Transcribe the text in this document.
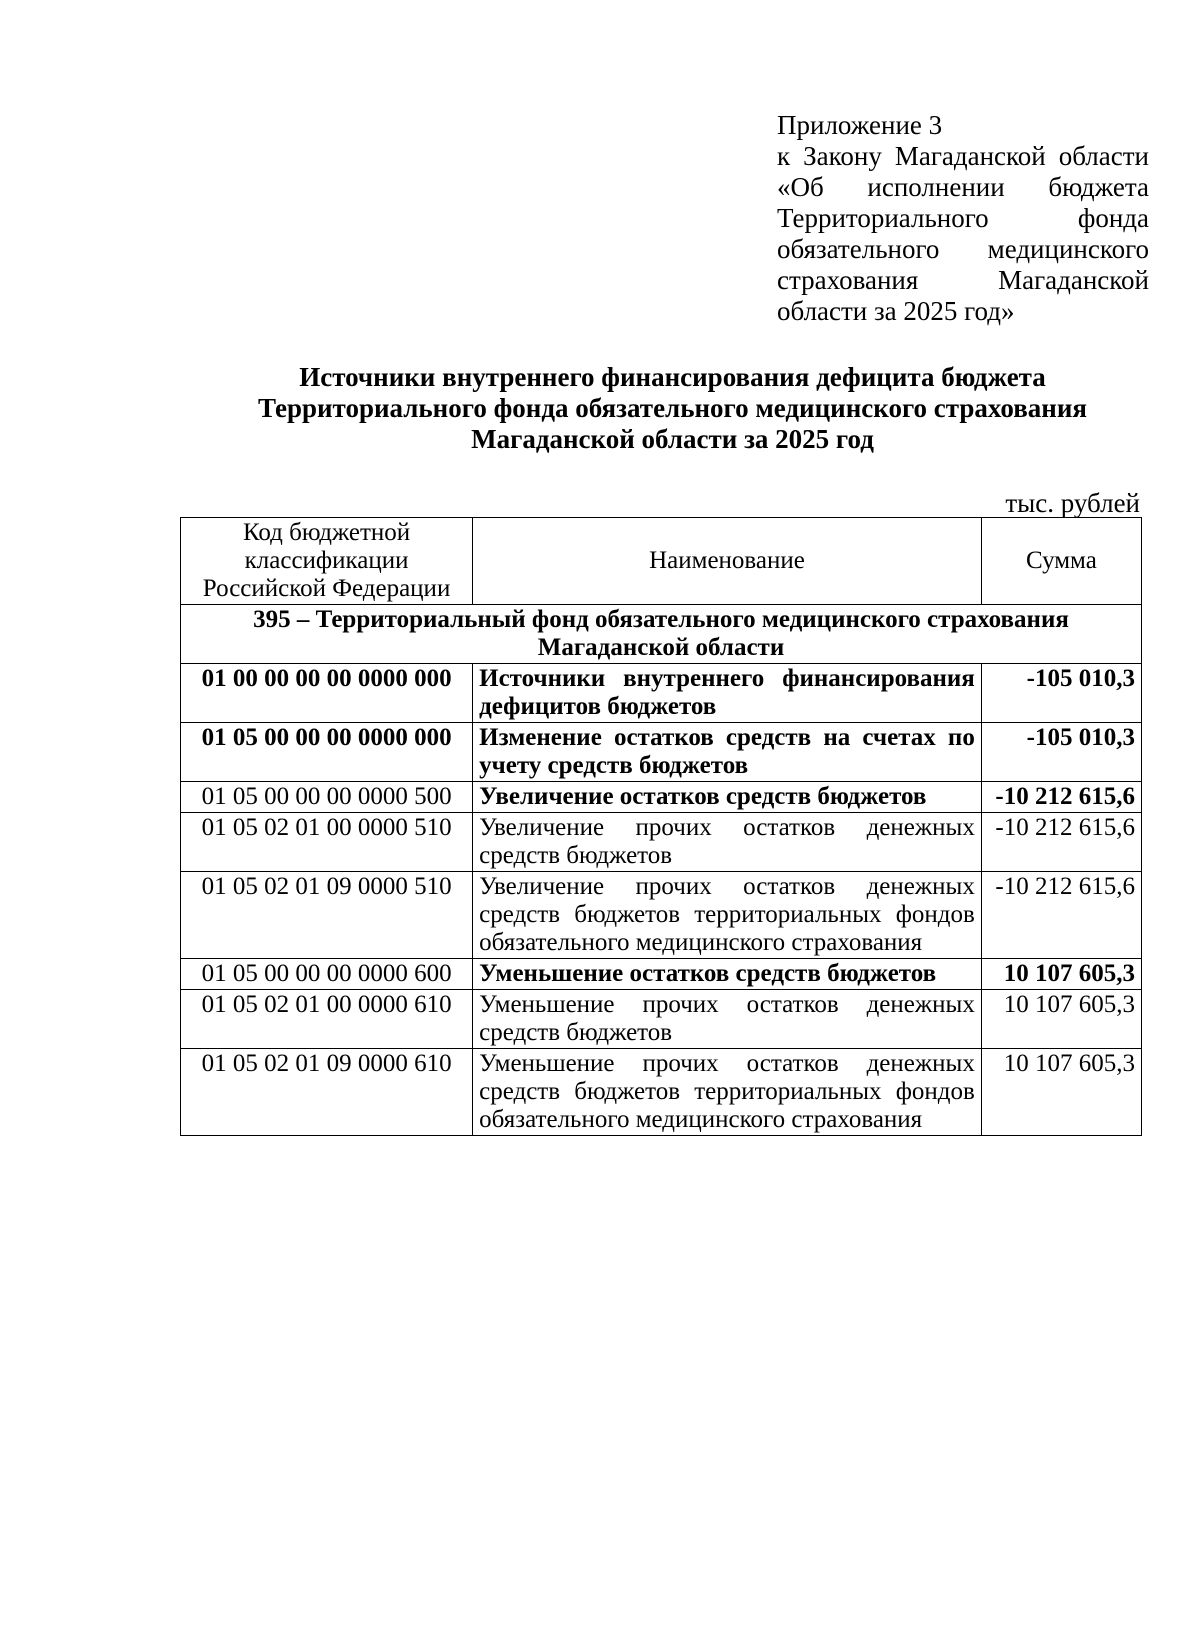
Приложение 3
к Закону Магаданской области
«Об исполнении бюджета
Территориального фонда
обязательного медицинского
страхования Магаданской
области за 2025 год»
Источники внутреннего финансирования дефицита бюджета
Территориального фонда обязательного медицинского страхования
Магаданской области за 2025 год
тыс. рублей
Код бюджетной классификации Российской Федерации	Наименование	Сумма
395 – Территориальный фонд обязательного медицинского страхования Магаданской области		
01 00 00 00 00 0000 000	Источники внутреннего финансирования дефицитов бюджетов	-105 010,3
01 05 00 00 00 0000 000	Изменение остатков средств на счетах по учету средств бюджетов	-105 010,3
01 05 00 00 00 0000 500	Увеличение остатков средств бюджетов	-10 212 615,6
01 05 02 01 00 0000 510	Увеличение прочих остатков денежных средств бюджетов	-10 212 615,6
01 05 02 01 09 0000 510	Увеличение прочих остатков денежных средств бюджетов территориальных фондов обязательного медицинского страхования	-10 212 615,6
01 05 00 00 00 0000 600	Уменьшение остатков средств бюджетов	10 107 605,3
01 05 02 01 00 0000 610	Уменьшение прочих остатков денежных средств бюджетов	10 107 605,3
01 05 02 01 09 0000 610	Уменьшение прочих остатков денежных средств бюджетов территориальных фондов обязательного медицинского страхования	10 107 605,3
